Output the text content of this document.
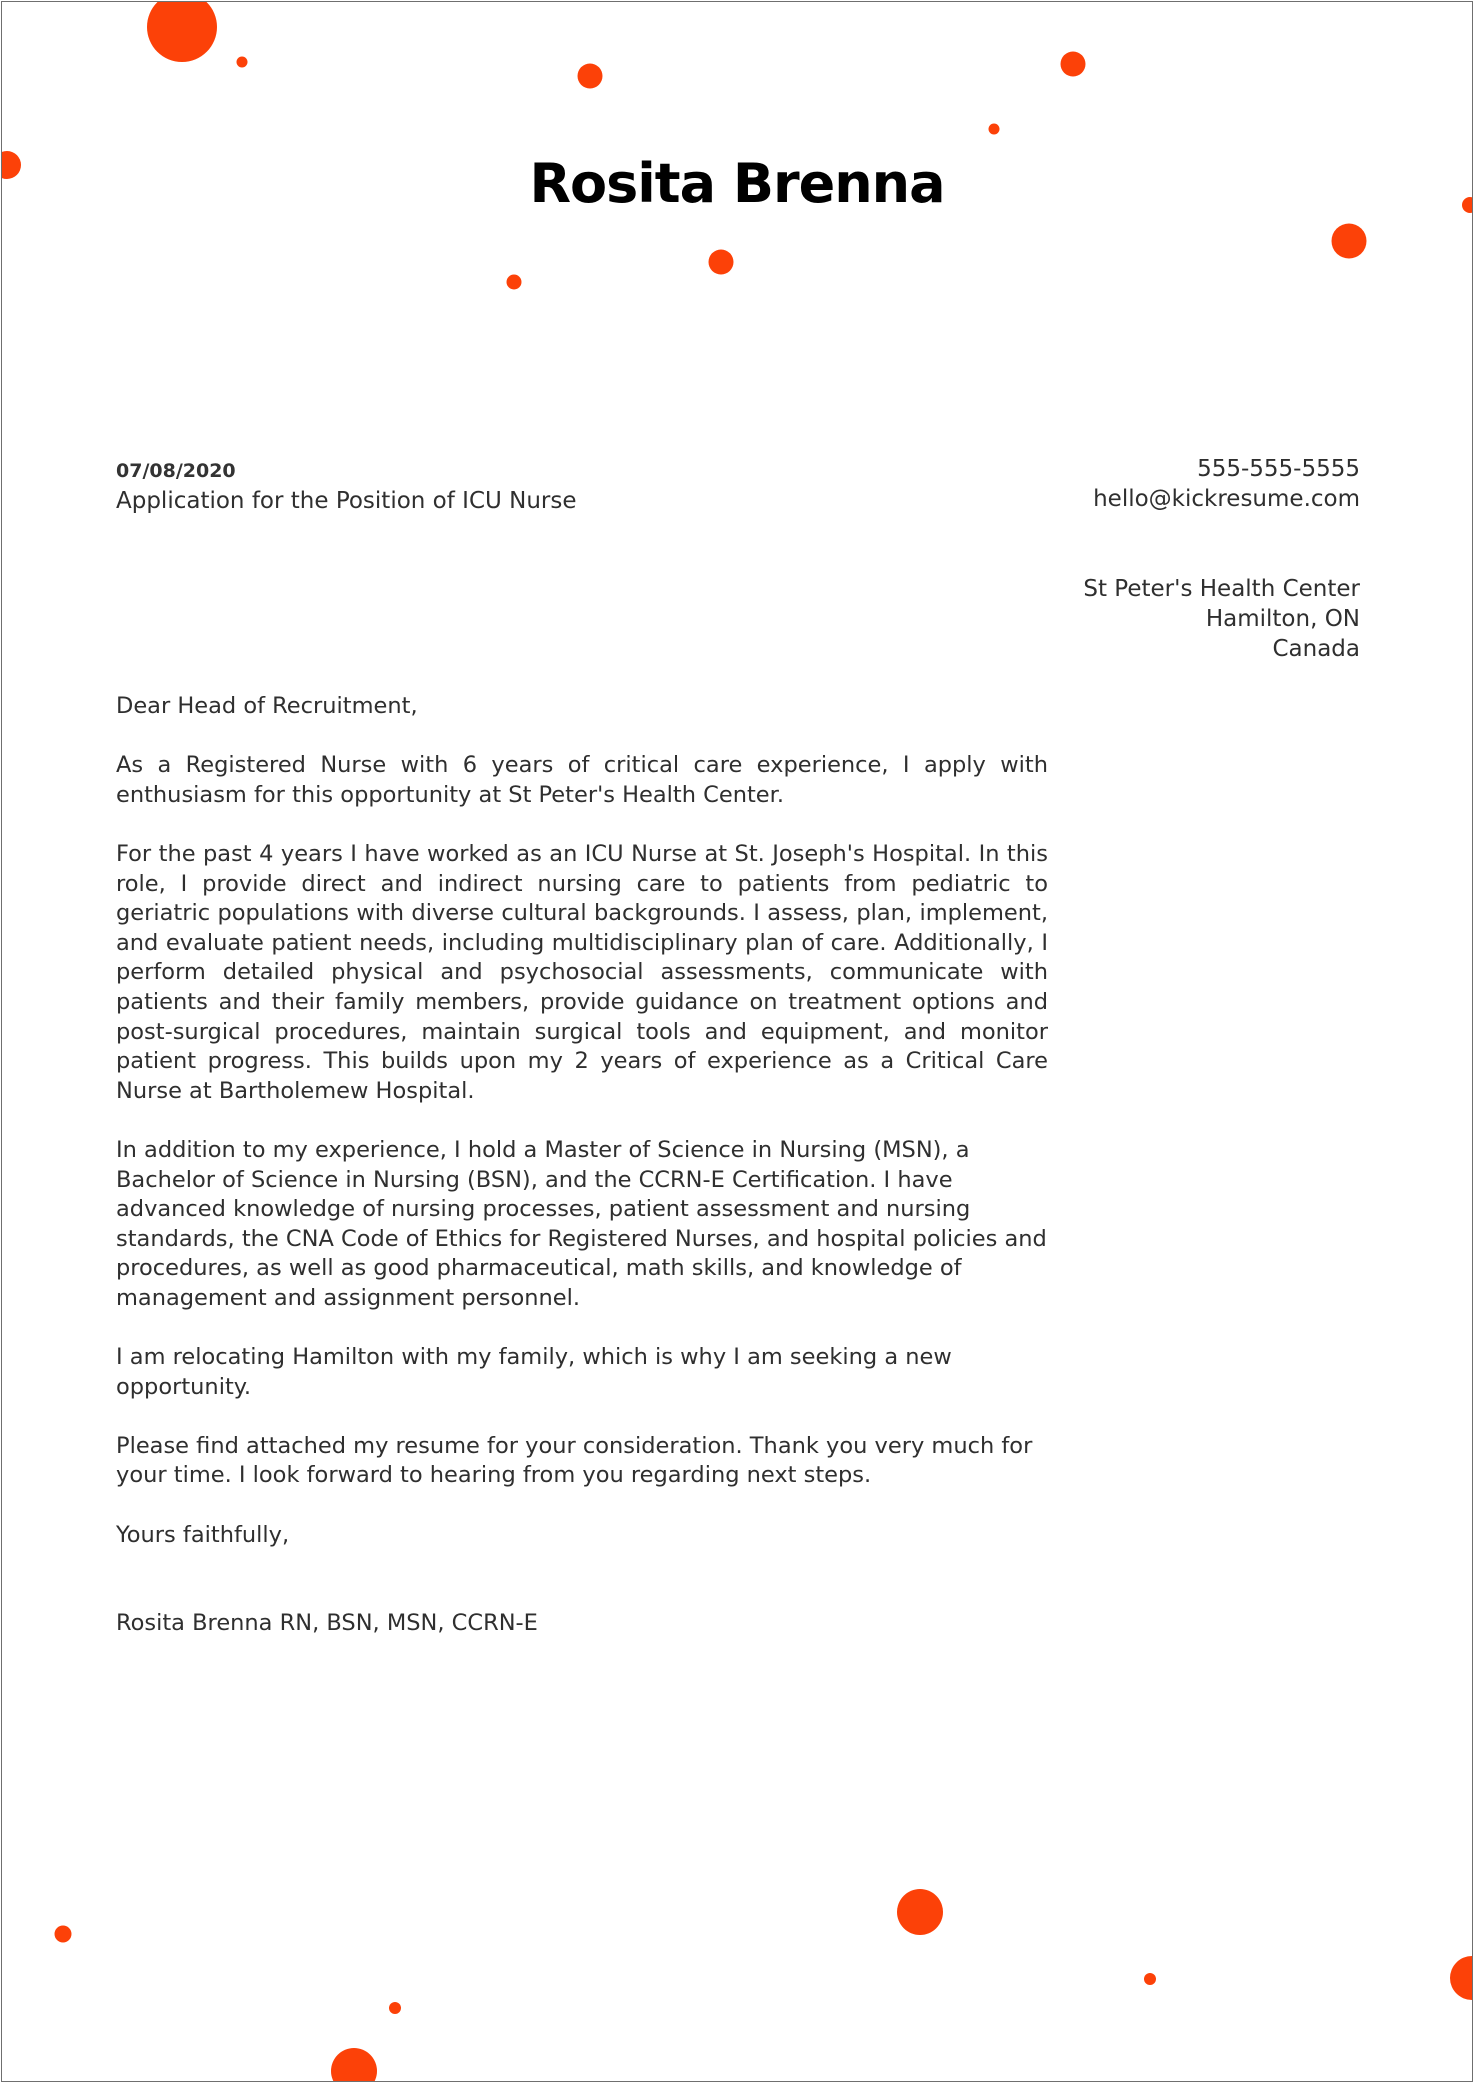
Rosita Brenna
07/08/2020
Application for the Position of ICU Nurse
555-555-5555
hello@kickresume.com
St Peter's Health Center
Hamilton, ON
Canada

Dear Head of Recruitment,

As a Registered Nurse with 6 years of critical care experience, I apply with enthusiasm for this opportunity at St Peter's Health Center.

For the past 4 years I have worked as an ICU Nurse at St. Joseph's Hospital. In this role, I provide direct and indirect nursing care to patients from pediatric to geriatric populations with diverse cultural backgrounds. I assess, plan, implement, and evaluate patient needs, including multidisciplinary plan of care. Additionally, I perform detailed physical and psychosocial assessments, communicate with patients and their family members, provide guidance on treatment options and post-surgical procedures, maintain surgical tools and equipment, and monitor patient progress. This builds upon my 2 years of experience as a Critical Care Nurse at Bartholemew Hospital.

In addition to my experience, I hold a Master of Science in Nursing (MSN), a Bachelor of Science in Nursing (BSN), and the CCRN-E Certification. I have advanced knowledge of nursing processes, patient assessment and nursing standards, the CNA Code of Ethics for Registered Nurses, and hospital policies and procedures, as well as good pharmaceutical, math skills, and knowledge of management and assignment personnel.

I am relocating Hamilton with my family, which is why I am seeking a new opportunity.

Please find attached my resume for your consideration. Thank you very much for your time. I look forward to hearing from you regarding next steps.

Yours faithfully,

Rosita Brenna RN, BSN, MSN, CCRN-E
